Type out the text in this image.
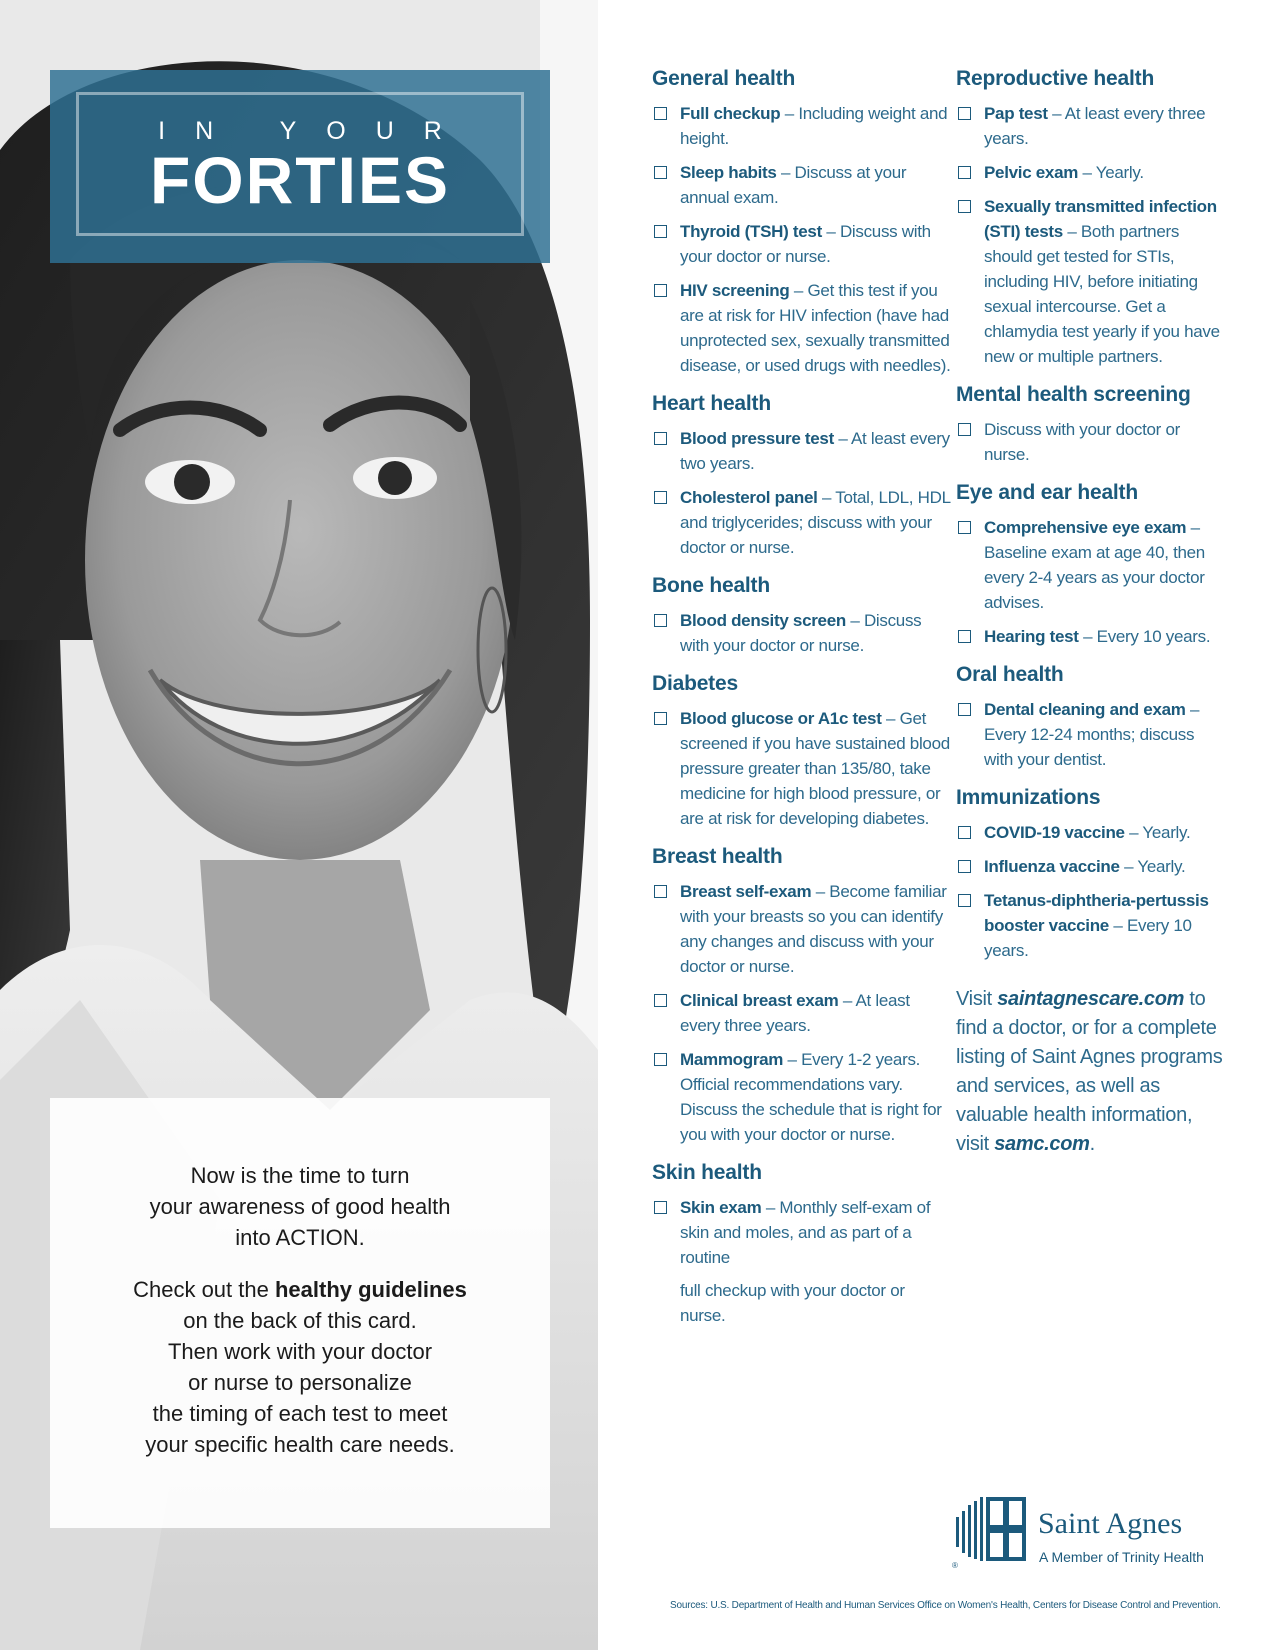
IN YOUR
FORTIES

Now is the time to turn
your awareness of good health
into ACTION.

Check out the healthy guidelines
on the back of this card.
Then work with your doctor
or nurse to personalize
the timing of each test to meet
your specific health care needs.

General health
Full checkup – Including weight and height.
Sleep habits – Discuss at your annual exam.
Thyroid (TSH) test – Discuss with your doctor or nurse.
HIV screening – Get this test if you are at risk for HIV infection (have had unprotected sex, sexually transmitted disease, or used drugs with needles).
Heart health
Blood pressure test – At least every two years.
Cholesterol panel – Total, LDL, HDL and triglycerides; discuss with your doctor or nurse.
Bone health
Blood density screen – Discuss with your doctor or nurse.
Diabetes
Blood glucose or A1c test – Get screened if you have sustained blood pressure greater than 135/80, take medicine for high blood pressure, or are at risk for developing diabetes.
Breast health
Breast self-exam – Become familiar with your breasts so you can identify any changes and discuss with your doctor or nurse.
Clinical breast exam – At least every three years.
Mammogram – Every 1-2 years. Official recommendations vary. Discuss the schedule that is right for you with your doctor or nurse.
Skin health
Skin exam – Monthly self-exam of skin and moles, and as part of a routine
full checkup with your doctor or nurse.
Reproductive health
Pap test – At least every three years.
Pelvic exam – Yearly.
Sexually transmitted infection (STI) tests – Both partners should get tested for STIs, including HIV, before initiating sexual intercourse. Get a chlamydia test yearly if you have new or multiple partners.
Mental health screening
Discuss with your doctor or nurse.
Eye and ear health
Comprehensive eye exam – Baseline exam at age 40, then every 2-4 years as your doctor advises.
Hearing test – Every 10 years.
Oral health
Dental cleaning and exam – Every 12-24 months; discuss with your dentist.
Immunizations
COVID-19 vaccine – Yearly.
Influenza vaccine – Yearly.
Tetanus-diphtheria-pertussis booster vaccine – Every 10 years.
Visit saintagnescare.com to find a doctor, or for a complete listing of Saint Agnes programs and services, as well as valuable health information, visit samc.com.
®
Saint Agnes
A Member of Trinity Health
Sources: U.S. Department of Health and Human Services Office on Women's Health, Centers for Disease Control and Prevention.
